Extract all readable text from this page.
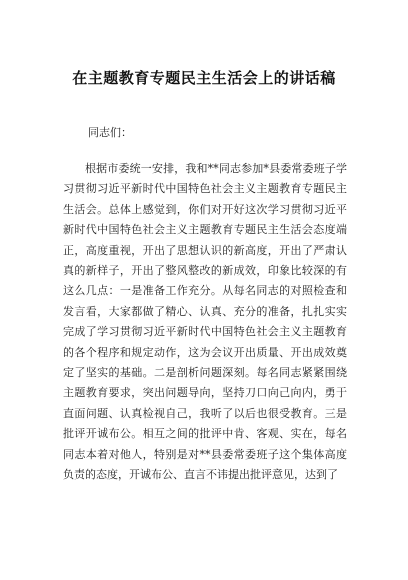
在主题教育专题民主生活会上的讲话稿
同志们：

根据市委统一安排，我和**同志参加*县委常委班子学习贯彻习近平新时代中国特色社会主义主题教育专题民主生活会。总体上感觉到，你们对开好这次学习贯彻习近平新时代中国特色社会主义主题教育专题民主生活会态度端正，高度重视，开出了思想认识的新高度，开出了严肃认真的新样子，开出了整风整改的新成效，印象比较深的有这么几点：一是准备工作充分。从每名同志的对照检查和发言看，大家都做了精心、认真、充分的准备，扎扎实实完成了学习贯彻习近平新时代中国特色社会主义主题教育的各个程序和规定动作，这为会议开出质量、开出成效奠定了坚实的基础。二是剖析问题深刻。每名同志紧紧围绕主题教育要求，突出问题导向，坚持刀口向己向内，勇于直面问题、认真检视自己，我听了以后也很受教育。三是批评开诚布公。相互之间的批评中肯、客观、实在，每名同志本着对他人，特别是对**县委常委班子这个集体高度负责的态度，开诚布公、直言不讳提出批评意见，达到了
